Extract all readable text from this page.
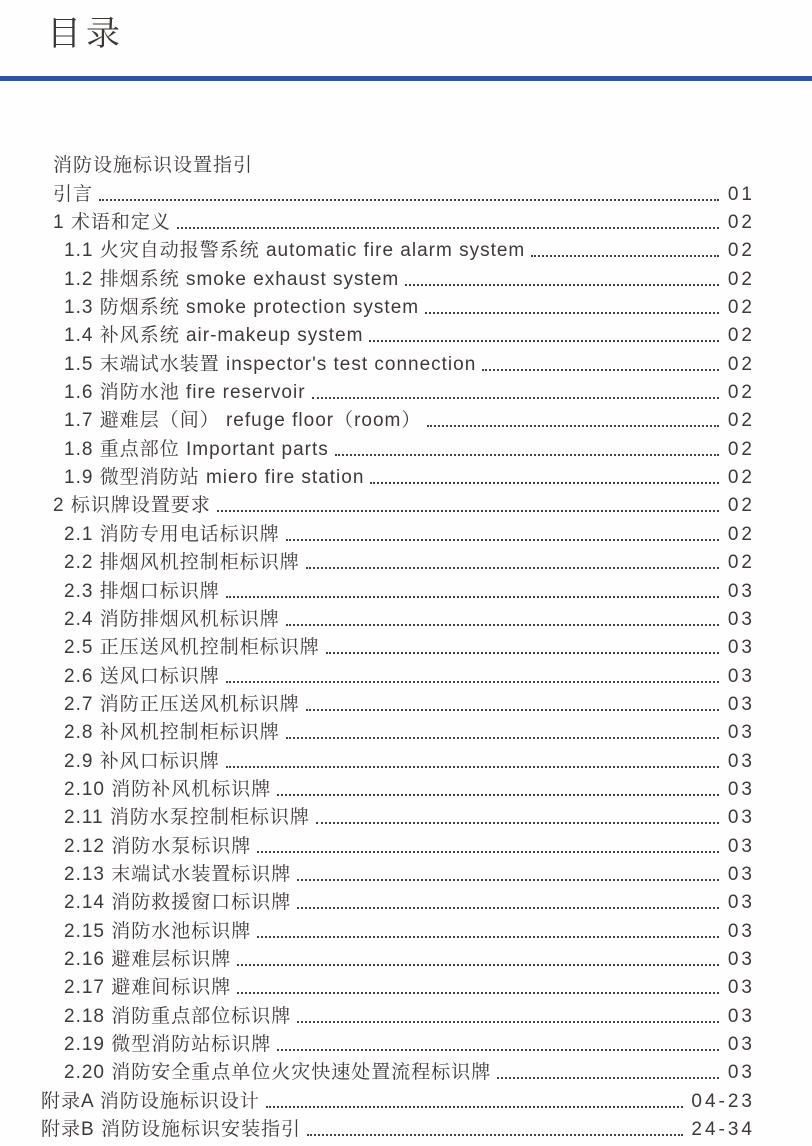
目录
消防设施标识设置指引
引言	01
1 术语和定义	02
1.1 火灾自动报警系统 automatic fire alarm system	02
1.2 排烟系统 smoke exhaust system	02
1.3 防烟系统 smoke protection system	02
1.4 补风系统 air-makeup system	02
1.5 末端试水装置 inspector's test connection	02
1.6 消防水池 fire reservoir	02
1.7 避难层（间） refuge floor（room）	02
1.8 重点部位 Important parts	02
1.9 微型消防站 miero fire station	02
2 标识牌设置要求	02
2.1 消防专用电话标识牌	02
2.2 排烟风机控制柜标识牌	02
2.3 排烟口标识牌	03
2.4 消防排烟风机标识牌	03
2.5 正压送风机控制柜标识牌	03
2.6 送风口标识牌	03
2.7 消防正压送风机标识牌	03
2.8 补风机控制柜标识牌	03
2.9 补风口标识牌	03
2.10 消防补风机标识牌	03
2.11 消防水泵控制柜标识牌	03
2.12 消防水泵标识牌	03
2.13 末端试水装置标识牌	03
2.14 消防救援窗口标识牌	03
2.15 消防水池标识牌	03
2.16 避难层标识牌	03
2.17 避难间标识牌	03
2.18 消防重点部位标识牌	03
2.19 微型消防站标识牌	03
2.20 消防安全重点单位火灾快速处置流程标识牌	03
附录A 消防设施标识设计	04-23
附录B 消防设施标识安装指引	24-34
